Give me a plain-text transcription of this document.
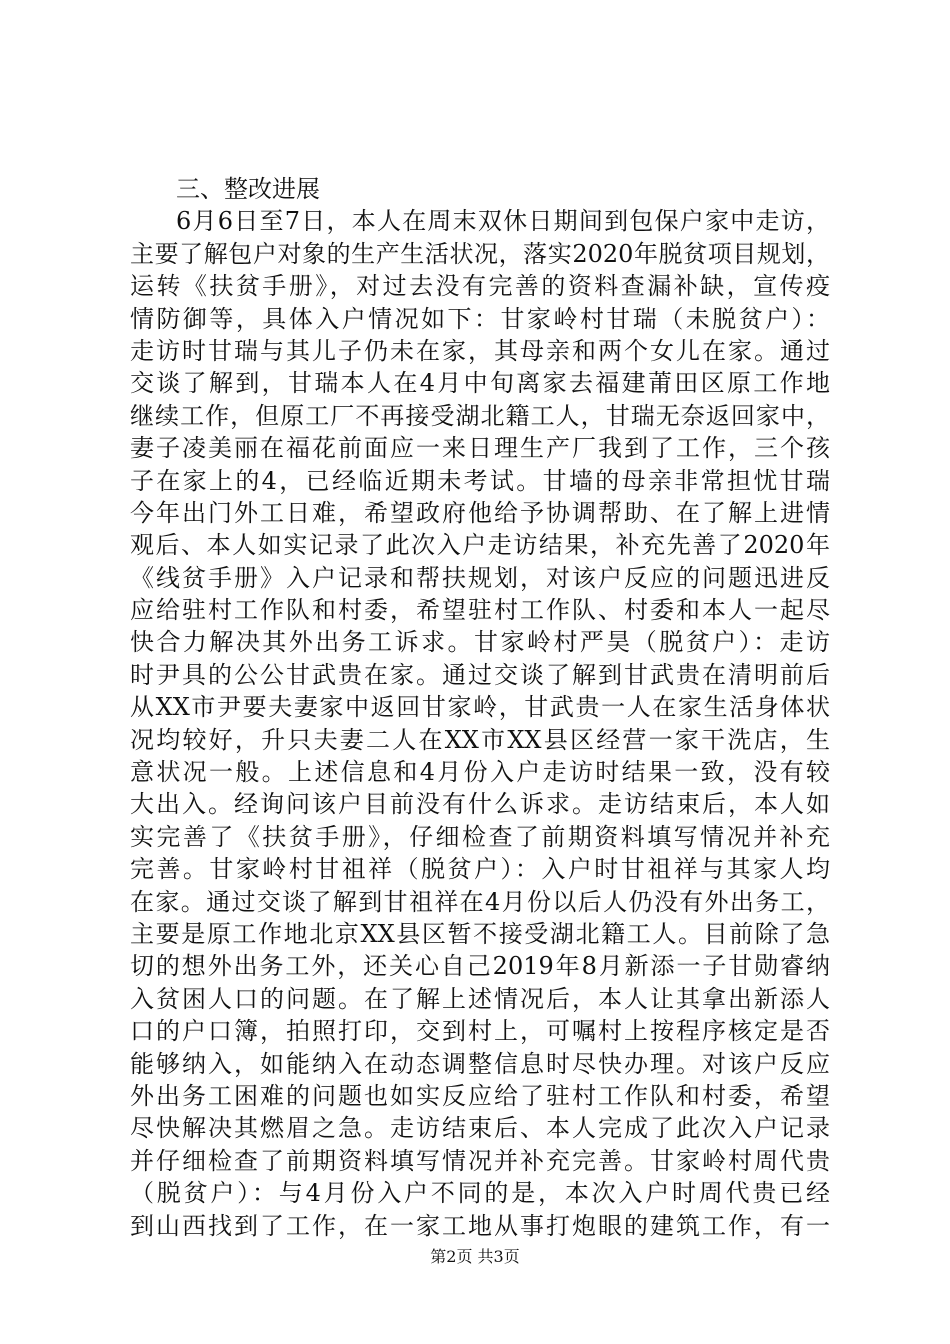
三、整改进展
6月6日至7日，本人在周末双休日期间到包保户家中走访，
主要了解包户对象的生产生活状况，落实2020年脱贫项目规划，
运转《扶贫手册》，对过去没有完善的资料查漏补缺，宣传疫
情防御等，具体入户情况如下：甘家岭村甘瑞（未脱贫户）：
走访时甘瑞与其儿子仍未在家，其母亲和两个女儿在家。通过
交谈了解到，甘瑞本人在4月中旬离家去福建莆田区原工作地
继续工作，但原工厂不再接受湖北籍工人，甘瑞无奈返回家中，
妻子凌美丽在福花前面应一来日理生产厂我到了工作，三个孩
子在家上的4，已经临近期未考试。甘墙的母亲非常担忧甘瑞
今年出门外工日难，希望政府他给予协调帮助、在了解上进情
观后、本人如实记录了此次入户走访结果，补充先善了2020年
《线贫手册》入户记录和帮扶规划，对该户反应的问题迅进反
应给驻村工作队和村委，希望驻村工作队、村委和本人一起尽
快合力解决其外出务工诉求。甘家岭村严昊（脱贫户）：走访
时尹具的公公甘武贵在家。通过交谈了解到甘武贵在清明前后
从XX市尹要夫妻家中返回甘家岭，甘武贵一人在家生活身体状
况均较好，升只夫妻二人在XX市XX县区经营一家干洗店，生
意状况一般。上述信息和4月份入户走访时结果一致，没有较
大出入。经询问该户目前没有什么诉求。走访结束后，本人如
实完善了《扶贫手册》，仔细检查了前期资料填写情况并补充
完善。甘家岭村甘祖祥（脱贫户）：入户时甘祖祥与其家人均
在家。通过交谈了解到甘祖祥在4月份以后人仍没有外出务工，
主要是原工作地北京XX县区暂不接受湖北籍工人。目前除了急
切的想外出务工外，还关心自己2019年8月新添一子甘勋睿纳
入贫困人口的问题。在了解上述情况后，本人让其拿出新添人
口的户口簿，拍照打印，交到村上，可嘱村上按程序核定是否
能够纳入，如能纳入在动态调整信息时尽快办理。对该户反应
外出务工困难的问题也如实反应给了驻村工作队和村委，希望
尽快解决其燃眉之急。走访结束后、本人完成了此次入户记录
并仔细检查了前期资料填写情况并补充完善。甘家岭村周代贵
（脱贫户）：与4月份入户不同的是，本次入户时周代贵已经
到山西找到了工作，在一家工地从事打炮眼的建筑工作，有一
第2页 共3页
